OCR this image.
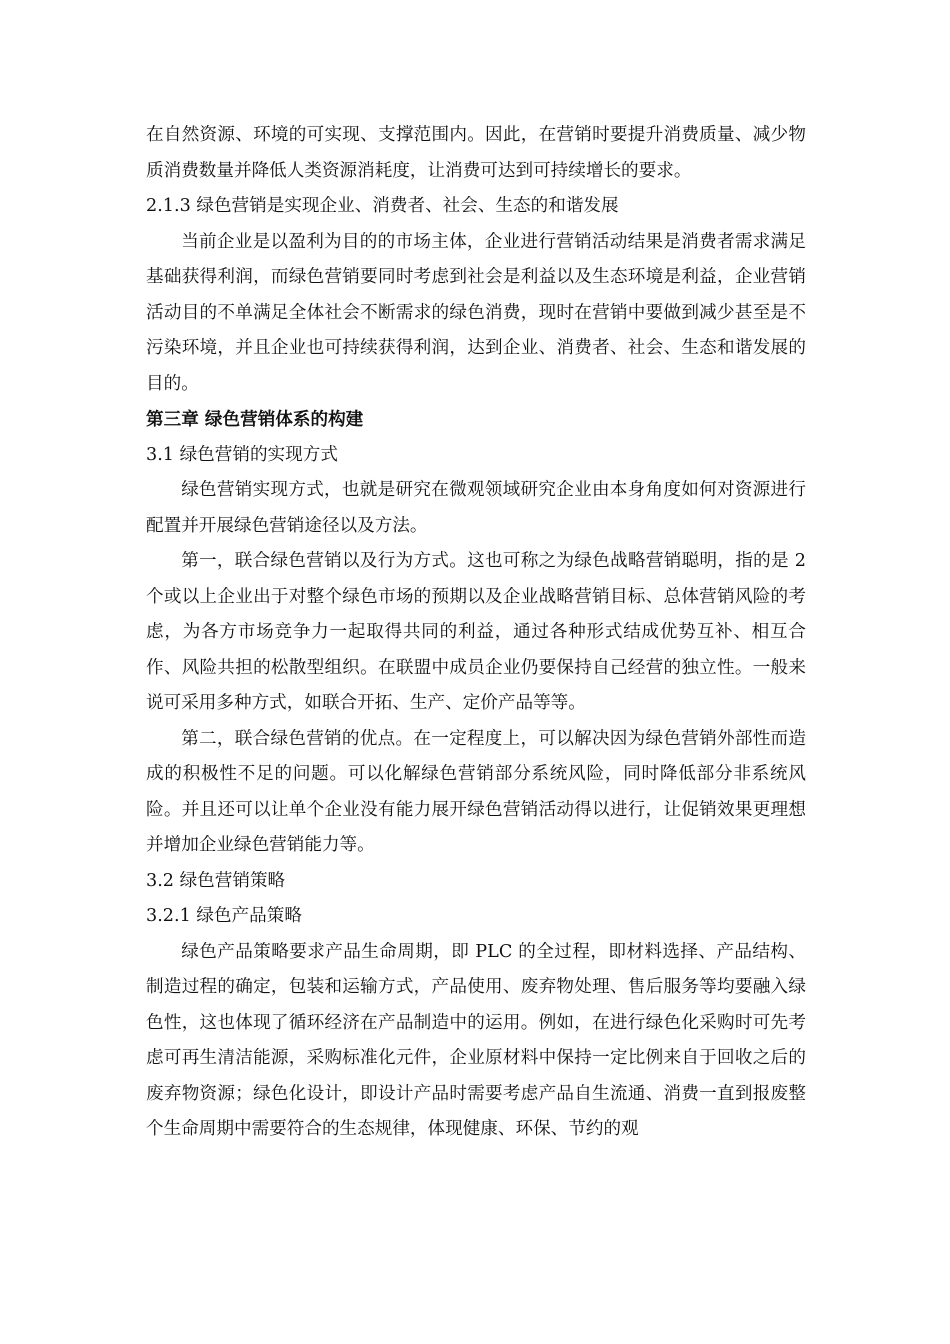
在自然资源、环境的可实现、支撑范围内。因此，在营销时要提升消费质量、减少物质消费数量并降低人类资源消耗度，让消费可达到可持续增长的要求。

2.1.3 绿色营销是实现企业、消费者、社会、生态的和谐发展

当前企业是以盈利为目的的市场主体，企业进行营销活动结果是消费者需求满足基础获得利润，而绿色营销要同时考虑到社会是利益以及生态环境是利益，企业营销活动目的不单满足全体社会不断需求的绿色消费，现时在营销中要做到减少甚至是不污染环境，并且企业也可持续获得利润，达到企业、消费者、社会、生态和谐发展的目的。

第三章 绿色营销体系的构建
3.1 绿色营销的实现方式

绿色营销实现方式，也就是研究在微观领域研究企业由本身角度如何对资源进行配置并开展绿色营销途径以及方法。

第一，联合绿色营销以及行为方式。这也可称之为绿色战略营销聪明，指的是 2 个或以上企业出于对整个绿色市场的预期以及企业战略营销目标、总体营销风险的考虑，为各方市场竞争力一起取得共同的利益，通过各种形式结成优势互补、相互合作、风险共担的松散型组织。在联盟中成员企业仍要保持自己经营的独立性。一般来说可采用多种方式，如联合开拓、生产、定价产品等等。

第二，联合绿色营销的优点。在一定程度上，可以解决因为绿色营销外部性而造成的积极性不足的问题。可以化解绿色营销部分系统风险，同时降低部分非系统风险。并且还可以让单个企业没有能力展开绿色营销活动得以进行，让促销效果更理想并增加企业绿色营销能力等。

3.2 绿色营销策略
3.2.1 绿色产品策略

绿色产品策略要求产品生命周期，即 PLC 的全过程，即材料选择、产品结构、制造过程的确定，包装和运输方式，产品使用、废弃物处理、售后服务等均要融入绿色性，这也体现了循环经济在产品制造中的运用。例如，在进行绿色化采购时可先考虑可再生清洁能源，采购标准化元件，企业原材料中保持一定比例来自于回收之后的废弃物资源；绿色化设计，即设计产品时需要考虑产品自生流通、消费一直到报废整个生命周期中需要符合的生态规律，体现健康、环保、节约的观
